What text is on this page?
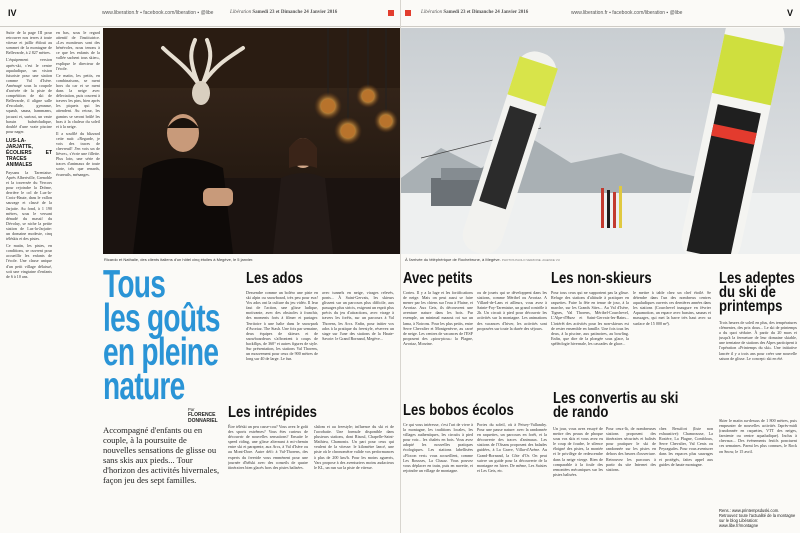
IV	www.liberation.fr ▪ facebook.com/liberation ▪ @libe	Libération Samedi 23 et Dimanche 24 Janvier 2016

Suite de la page III pour retrouver nos terres à toute vitesse et jaillir éblouï au sommet de la montagne de Bellevarde, à 2 827 mètres.

L'équipement version après-ski, c'est le centre aqualudique, un vision futuriste pour une station comme Val d'Isère. Aménagé sous la coupole d'arrivée de la piste de compétition de ski de Bellevarde, il aligne salle d'escalade, gymnase, squash, sauna, hammams, jacuzzi et, surtout, un vaste bassin balnéoludique, doublé d'une vraie piscine pour nager.

LUS-LA-JARJATTE, ÉCOLIERS ET TRACES ANIMALES

Paysans la Tarentaise. Après Albertville, Grenoble et la traversée du Vercors pour rejoindre la Drôme, derrière le col de Lus-la-Croix-Haute, dans le vallon sauvage et classé de la Jarjatte. Au fond, à 1 190 mètres, sous le versant dénudé du massif du Dévoluy, se niche la petite station de Lus-la-Jarjatte: un domaine modeste, cinq téléskis et des pistes.

Ce matin, les pistes, en conditions, se ouvrent pour accueillir les enfants de l'école. Une classe unique d'un petit village délaissé, soit une vingtaine d'enfants de 6 à 10 ans.

en bas, sous le regard attentif de l'institutrice. «Les moniteurs sont des bénévoles, nous tenons à ce que les enfants de la vallée sachent tous skier», explique le directeur de l'école.

Ce matin, les petits, en combinaisons, se ruent hors du car et se ruent dans la neige avec délectation, puis courent à travers les pins, bien après les piquets qui les attendent. Au retour, les gamins se seront brûlé les bras à la chaleur du soleil et à la neige.

Il a soufflé du blizzard cette nuit: «Regarde, je vois des traces de chevreuil! J'en vois un de lièvre», s'écrie une fillette. Plus loin, une série de traces d'animaux de toute sorte, tels que renards, écureuils, mésanges.

Ricardo et Nathalie, des clients italiens d'un hôtel cinq étoiles à Megève, le 5 janvier.
Tous
les goûts
en pleine
nature
Par
FLORENCE
DONNARIEL
Accompagné d'enfants ou en couple, à la poursuite de nouvelles sensations de glisse ou sans skis aux pieds... Tour d'horizon des activités hivernales, façon jeu des sept familles.
Les ados
Dessendre comme un boléro une piste en ski alpin ou snowboard, très peu pour eux! Vos ados ont la culture du jeu vidéo. Il leur faut de l'action, une glisse ludique, motivante, avec des obstacles à franchir, des moments forts à filmer et partager. Territoire à une halte dans le snowpark d'Avoriaz. The Stash. Une fois par semaine, deux équipes de skieurs et de snowboardeurs s'affrontent à coups de backflips, de 360° et autres figures de style. Sur présentation, les stations Val Thorens, un mouvement pour ceux de 900 mètres de long sur 40 de large. Le fun.
avec tunnels en neige, virages relevés, ponts... À Saint-Gervais, les skieurs glissent sur un parcours plus difficile, aux passages plus stricts, exigeant un esprit plus précis du jeu d'attractions, avec virage à travers les forêts, sur un parcours à Val Thorens, les Arcs. Enfin, pour initier vos ados à la pratique du freestyle, réservez un stage sur l'une des stations de la Haute-Savoie: le Grand Bornand, Megève...
Les intrépides
Être téléski un peu casse-cou? Vous avez le goût des sports extrêmes? Vous êtes curieux de découvrir de nouvelles sensations? Ensuite le speed riding, une glisse alternant à mi-chemin entre ski et parapente, aux Arcs, à Val d'Isère ou au Mont-Dore. Autre défi: à Val-Thorens, des experts du freeride vous emmènent pour une journée d'hélski avec des conseils de quatre itinéraires bien glacés hors des pistes balisées.
slalom et au freestyle; influence du ski et de l'acrobatie. Une formule disponible dans plusieurs stations, dont Risoul, Chapelle-Saint-Mathieu, Chamonix. Un pari pour ceux qui veulent de la vitesse: le kilomètre lancé, une piste où le chronomètre valide vos performances à plus de 200 km/h. Pour les moins aguerris, Vars propose à des aventuriers moins audacieux le KL, un run sur la piste de vitesse.
Libération Samedi 23 et Dimanche 24 Janvier 2016	www.liberation.fr ▪ facebook.com/liberation ▪ @libe	V
À l'arrivée du téléphérique de Rochebrune, à Megève. PHOTOS PAOLO VERZONE. AGENCE VU
Avec petits
Cortex. Il y a la luge et les fortifications de neige. Mais on peut aussi se faire mener par les chiens sur l'eau à Flaine, et Avoriaz. Aux Gets, ils découvrent une aventure nature dans les bois. Par exemple, un minimal mazout roi sur un lama, à Noirons. Pour les plus petits, entre Serre Chevalier et Montgenèvre, au carré de neige. Les centres de vacances de l'ESF proposent des «piou-piou»: la Plagne, Avoriaz, Morzine.
ou de jouets qui se développent dans les stations, comme Méribel ou Avoriaz. A Villard-de-Lans et ailleurs, vous avez à Sainte-Foy-Tarentaise, un grand contrôle à 2h. Un circuit à pied pour découvrir les activités sur la montagne. Les animations des vacances d'hiver, les activités sont proposées sur toute la durée des séjours.
Les non-skieurs
Pour tous ceux qui ne supportent pas la glisse. Refuge des stations d'altitude à pratiquer en raquettes. Faire la fête en tenue de jour, à la marche, sur les Grands Sites... Au Val d'Isère, Tignes, Val Thorens, Méribel-Courchevel, L'Alpe-d'Huez et Saint-Gervais-les-Bains... L'intérêt des activités pour les non-skieurs est de rester ensemble en famille. Une fois tous les deux, à la piscine, aux patinoires, au bowling. Enfin, que dire de la plongée sous glace, la spéléologie hivernale, les cascades de glace...
le mettre à table chez un chef étoilé. Se détendre dans l'un des nombreux centres aqualudiques ouverts ces dernières années dans les stations (Courchevel inaugure en février Aquamotion, un espace avec bassins, saunas et massages, qui met la barre très haut avec sa surface de 15 000 m²).
Les bobos écolos
Ce qui vous intéresse, c'est l'art de vivre à la montagne, les traditions locales, les villages authentiques, les circuits à pied pour voir... les chalets en bois. Vous avez adopté les nouvelles pratiques écologiques. Les stations labellisées «Flocon vert» vous accueillent, comme Les Rousses, La Clusaz. Vous pouvez vous déplacer en train, puis en navette, et rejoindre un village de montagne.
Portes du soleil, où à Peisey-Vallandry. Pour une pause nature: avec la randonnée en raquettes, un parcours en forêt, et la découverte des traces d'animaux. Les stations de l'Oisans proposent des balades guidées, à La Grave, Villar-d'Arène. Au Grand-Bornand, la Côte d'Or. On peut suivre un guide pour la découverte de la montagne en hiver. De même, Les Saisies et Les Gets, etc.
Les convertis au ski de rando
Un jour, vous avez essayé de mettre des peaux de phoque sous vos skis et vous avez eu le coup de foudre, le silence éloigné des pistes, la montée et le privilège de redescendre dans la neige vierge. Rien de comparable à la foule des remontées mécaniques sur les pistes balisées.
Pour ceux-là, de nombreuses stations proposent des itinéraires sécurisés et balisés pour pratiquer le ski de randonnée sur les pistes en dehors des heures d'ouverture. Retrouvez les parcours à partir du site Internet des stations.
chez Bessifort (liste non exhaustive): Chamrousse, La Rosière, La Plagne, Combloux, Serre Chevalier, Val Cenis ou Peyragudes. Pour vous aventurer dans les espaces plus sauvages et protégés, faites appel aux guides de haute montagne.
Les adeptes du ski de printemps
Trois heures de soleil en plus, des températures clémentes, des prix doux... Le ski de printemps a du quoi séduire. À partir du 20 mars et jusqu'à la fermeture de leur domaine skiable, une trentaine de stations des Alpes participent à l'opération «Printemps du ski». Une initiative lancée il y a trois ans pour créer une nouvelle saison de glisse. Le concept: ski en été.
Skier le matin au-dessus de 1 800 mètres, puis emprunter de nouvelles activités l'après-midi (randonnée en raquettes, VTT des neiges, farniente ou centre aqualudique). Inclus à chevaux... Des événements festifs ponctuent ces semaines. Parmi les plus connues, le Rock on Snow, le 15 avril.
Rens.: www.printempsduski.com. Retrouvez toute l'actualité de la montagne sur le blog Libération: www.libe.fr/montagne
